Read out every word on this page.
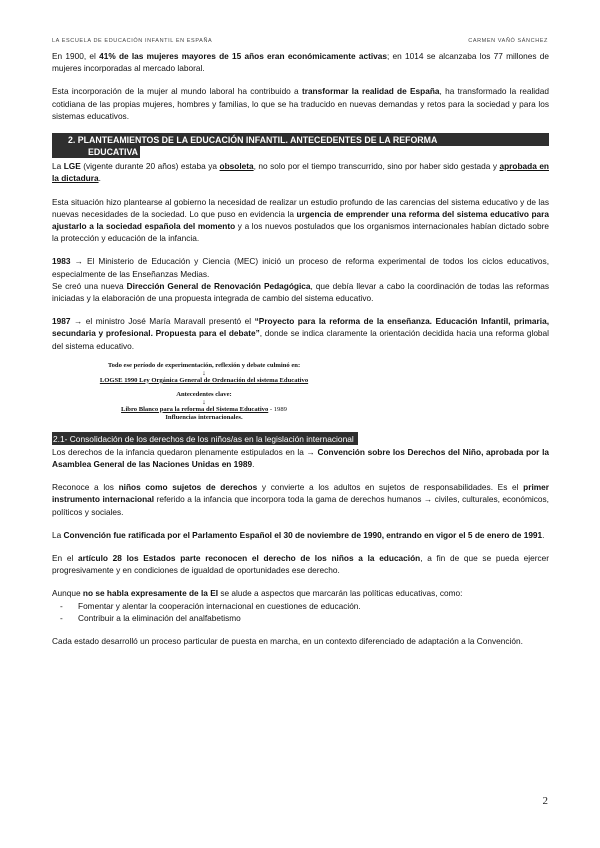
LA ESCUELA DE EDUCACIÓN INFANTIL EN ESPAÑA	CARMEN VAÑÓ SÁNCHEZ

En 1900, el 41% de las mujeres mayores de 15 años eran económicamente activas; en 1014 se alcanzaba los 77 millones de mujeres incorporadas al mercado laboral.

Esta incorporación de la mujer al mundo laboral ha contribuido a transformar la realidad de España, ha transformado la realidad cotidiana de las propias mujeres, hombres y familias, lo que se ha traducido en nuevas demandas y retos para la sociedad y para los sistemas educativos.

2. PLANTEAMIENTOS DE LA EDUCACIÓN INFANTIL. ANTECEDENTES DE LA REFORMA
EDUCATIVA

La LGE (vigente durante 20 años) estaba ya obsoleta, no solo por el tiempo transcurrido, sino por haber sido gestada y aprobada en la dictadura.

Esta situación hizo plantearse al gobierno la necesidad de realizar un estudio profundo de las carencias del sistema educativo y de las nuevas necesidades de la sociedad. Lo que puso en evidencia la urgencia de emprender una reforma del sistema educativo para ajustarlo a la sociedad española del momento y a los nuevos postulados que los organismos internacionales habían dictado sobre la protección y educación de la infancia.

1983 → El Ministerio de Educación y Ciencia (MEC) inició un proceso de reforma experimental de todos los ciclos educativos, especialmente de las Enseñanzas Medias.
Se creó una nueva Dirección General de Renovación Pedagógica, que debía llevar a cabo la coordinación de todas las reformas iniciadas y la elaboración de una propuesta integrada de cambio del sistema educativo.

1987 → el ministro José María Maravall presentó el “Proyecto para la reforma de la enseñanza. Educación Infantil, primaria, secundaria y profesional. Propuesta para el debate”, donde se indica claramente la orientación decidida hacia una reforma global del sistema educativo.

Todo ese período de experimentación, reflexión y debate culminó en:
↓
LOGSE 1990 Ley Orgánica General de Ordenación del sistema Educativo
Antecedentes clave:
↓
Libro Blanco para la reforma del Sistema Educativo - 1989
Influencias internacionales.
2.1- Consolidación de los derechos de los niños/as en la legislación internacional

Los derechos de la infancia quedaron plenamente estipulados en la → Convención sobre los Derechos del Niño, aprobada por la Asamblea General de las Naciones Unidas en 1989.

Reconoce a los niños como sujetos de derechos y convierte a los adultos en sujetos de responsabilidades. Es el primer instrumento internacional referido a la infancia que incorpora toda la gama de derechos humanos → civiles, culturales, económicos, políticos y sociales.

La Convención fue ratificada por el Parlamento Español el 30 de noviembre de 1990, entrando en vigor el 5 de enero de 1991.

En el artículo 28 los Estados parte reconocen el derecho de los niños a la educación, a fin de que se pueda ejercer progresivamente y en condiciones de igualdad de oportunidades ese derecho.

Aunque no se habla expresamente de la EI se alude a aspectos que marcarán las políticas educativas, como:

-	Fomentar y alentar la cooperación internacional en cuestiones de educación.
-	Contribuir a la eliminación del analfabetismo

Cada estado desarrolló un proceso particular de puesta en marcha, en un contexto diferenciado de adaptación a la Convención.

2
